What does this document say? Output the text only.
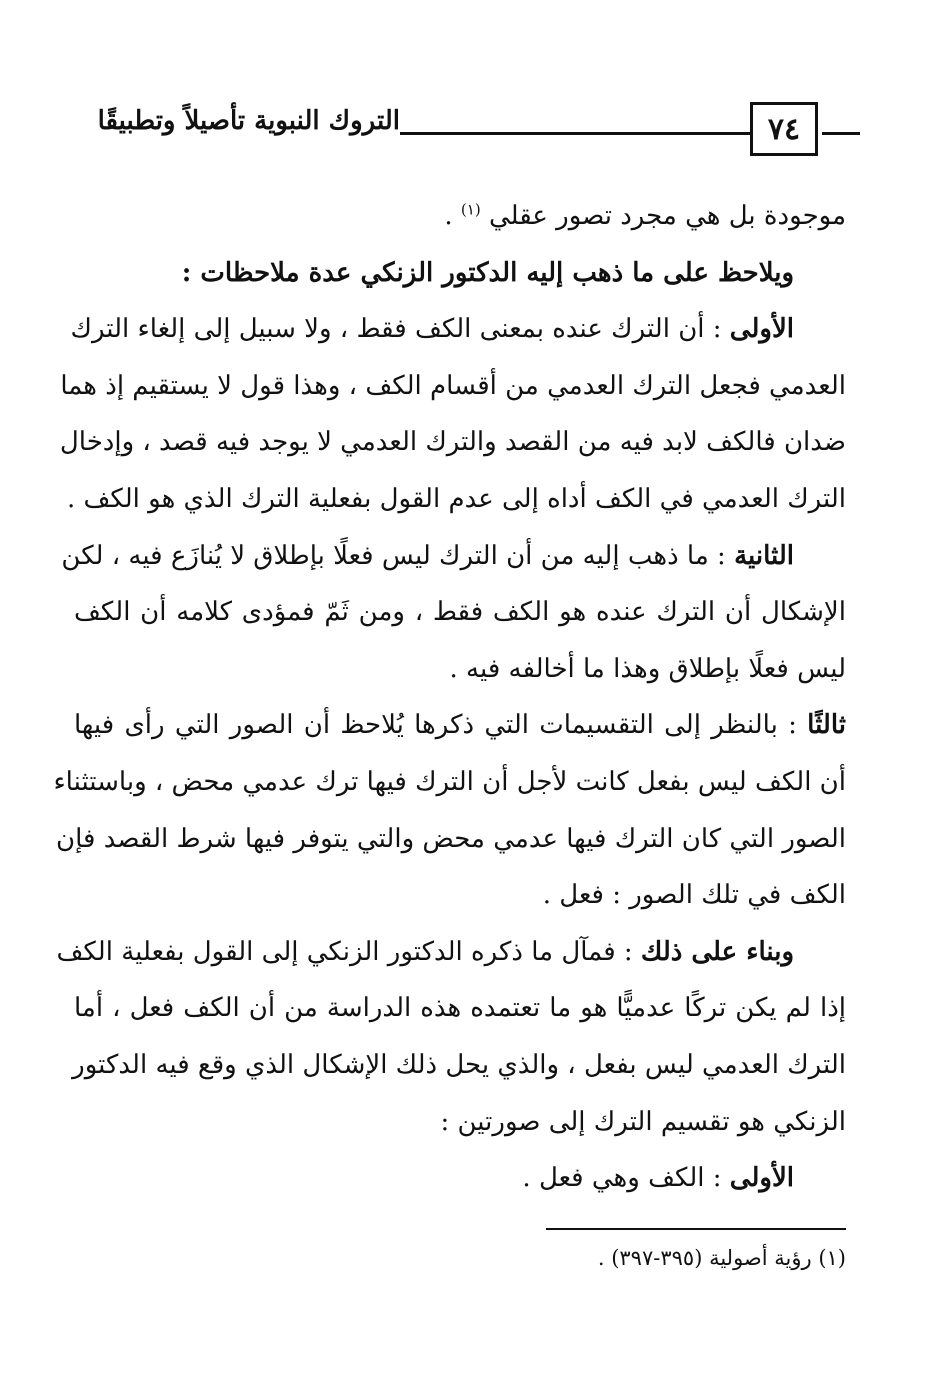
٧٤
التروك النبوية تأصيلاً وتطبيقًا
موجودة بل هي مجرد تصور عقلي $^{(١)}$ .
ويلاحظ على ما ذهب إليه الدكتور الزنكي عدة ملاحظات :
الأولى : أن الترك عنده بمعنى الكف فقط ، ولا سبيل إلى إلغاء الترك
العدمي فجعل الترك العدمي من أقسام الكف ، وهذا قول لا يستقيم إذ هما
ضدان فالكف لابد فيه من القصد والترك العدمي لا يوجد فيه قصد ، وإدخال
الترك العدمي في الكف أداه إلى عدم القول بفعلية الترك الذي هو الكف .
الثانية : ما ذهب إليه من أن الترك ليس فعلًا بإطلاق لا يُنازَع فيه ، لكن
الإشكال أن الترك عنده هو الكف فقط ، ومن ثَمّ فمؤدى كلامه أن الكف
ليس فعلًا بإطلاق وهذا ما أخالفه فيه .
ثالثًا : بالنظر إلى التقسيمات التي ذكرها يُلاحظ أن الصور التي رأى فيها
أن الكف ليس بفعل كانت لأجل أن الترك فيها ترك عدمي محض ، وباستثناء
الصور التي كان الترك فيها عدمي محض والتي يتوفر فيها شرط القصد فإن
الكف في تلك الصور : فعل .
وبناء على ذلك : فمآل ما ذكره الدكتور الزنكي إلى القول بفعلية الكف
إذا لم يكن تركًا عدميًّا هو ما تعتمده هذه الدراسة من أن الكف فعل ، أما
الترك العدمي ليس بفعل ، والذي يحل ذلك الإشكال الذي وقع فيه الدكتور
الزنكي هو تقسيم الترك إلى صورتين :
الأولى : الكف وهي فعل .
(١) رؤية أصولية (٣٩٥-٣٩٧) .
